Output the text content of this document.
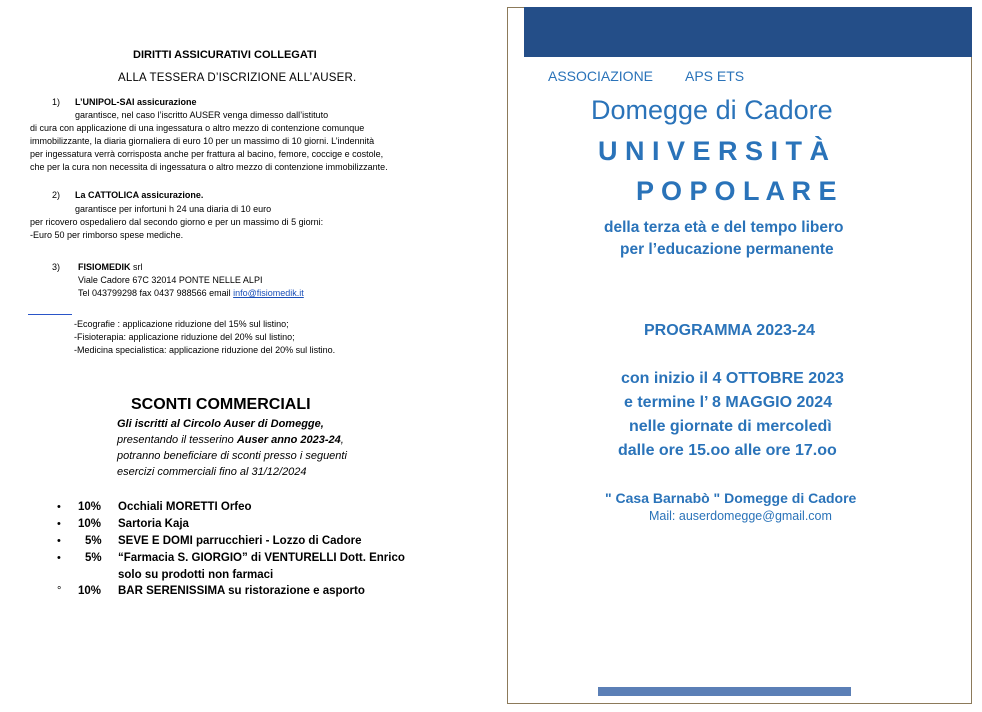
DIRITTI ASSICURATIVI COLLEGATI
ALLA TESSERA D’ISCRIZIONE ALL’AUSER.
1) L’UNIPOL-SAI assicurazione
garantisce, nel caso l’iscritto AUSER venga dimesso dall’istituto
di cura con applicazione di una ingessatura o altro mezzo di contenzione comunque
immobilizzante, la diaria giornaliera di euro 10 per un massimo di 10 giorni. L’indennità
per ingessatura verrà corrisposta anche per frattura al bacino, femore, coccige e costole,
che per la cura non necessita di ingessatura o altro mezzo di contenzione immobilizzante.
2) La CATTOLICA assicurazione.
garantisce per infortuni h 24 una diaria di 10 euro
per ricovero ospedaliero dal secondo giorno e per un massimo di 5 giorni:
-Euro 50 per rimborso spese mediche.
3) FISIOMEDIK srl
Viale Cadore 67C 32014 PONTE NELLE ALPI
Tel 043799298 fax 0437 988566 email info@fisiomedik.it
-Ecografie : applicazione riduzione del 15% sul listino;
-Fisioterapia: applicazione riduzione del 20% sul listino;
-Medicina specialistica: applicazione riduzione del 20% sul listino.
SCONTI COMMERCIALI
Gli iscritti al Circolo Auser di Domegge,
presentando il tesserino Auser anno 2023-24,
potranno beneficiare di sconti presso i seguenti
esercizi commerciali fino al 31/12/2024
• 10% Occhiali MORETTI Orfeo
• 10% Sartoria Kaja
• 5% SEVE E DOMI parrucchieri - Lozzo di Cadore
• 5% “Farmacia S. GIORGIO” di VENTURELLI Dott. Enrico
solo su prodotti non farmaci
° 10% BAR SERENISSIMA su ristorazione e asporto
ASSOCIAZIONE APS ETS
Domegge di Cadore
U N I V E R S I T À
P O P O L A R E
della terza età e del tempo libero
per l’educazione permanente
PROGRAMMA 2023-24
con inizio il 4 OTTOBRE 2023
e termine l’ 8 MAGGIO 2024
nelle giornate di mercoledì
dalle ore 15.oo alle ore 17.oo
" Casa Barnabò " Domegge di Cadore
Mail: auserdomegge@gmail.com
